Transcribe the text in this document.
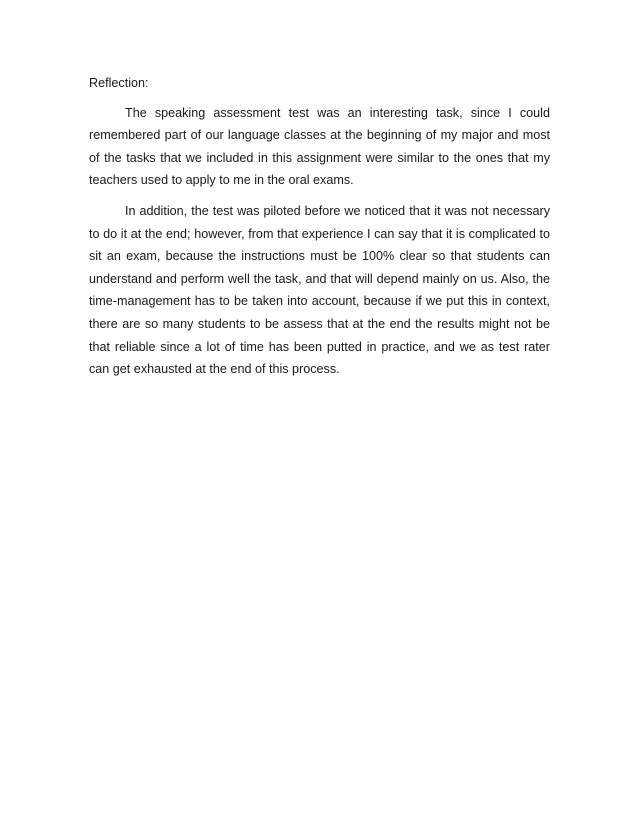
Reflection:

The speaking assessment test was an interesting task, since I could remembered part of our language classes at the beginning of my major and most of the tasks that we included in this assignment were similar to the ones that my teachers used to apply to me in the oral exams.

In addition, the test was piloted before we noticed that it was not necessary to do it at the end; however, from that experience I can say that it is complicated to sit an exam, because the instructions must be 100% clear so that students can understand and perform well the task, and that will depend mainly on us. Also, the time-management has to be taken into account, because if we put this in context, there are so many students to be assess that at the end the results might not be that reliable since a lot of time has been putted in practice, and we as test rater can get exhausted at the end of this process.
